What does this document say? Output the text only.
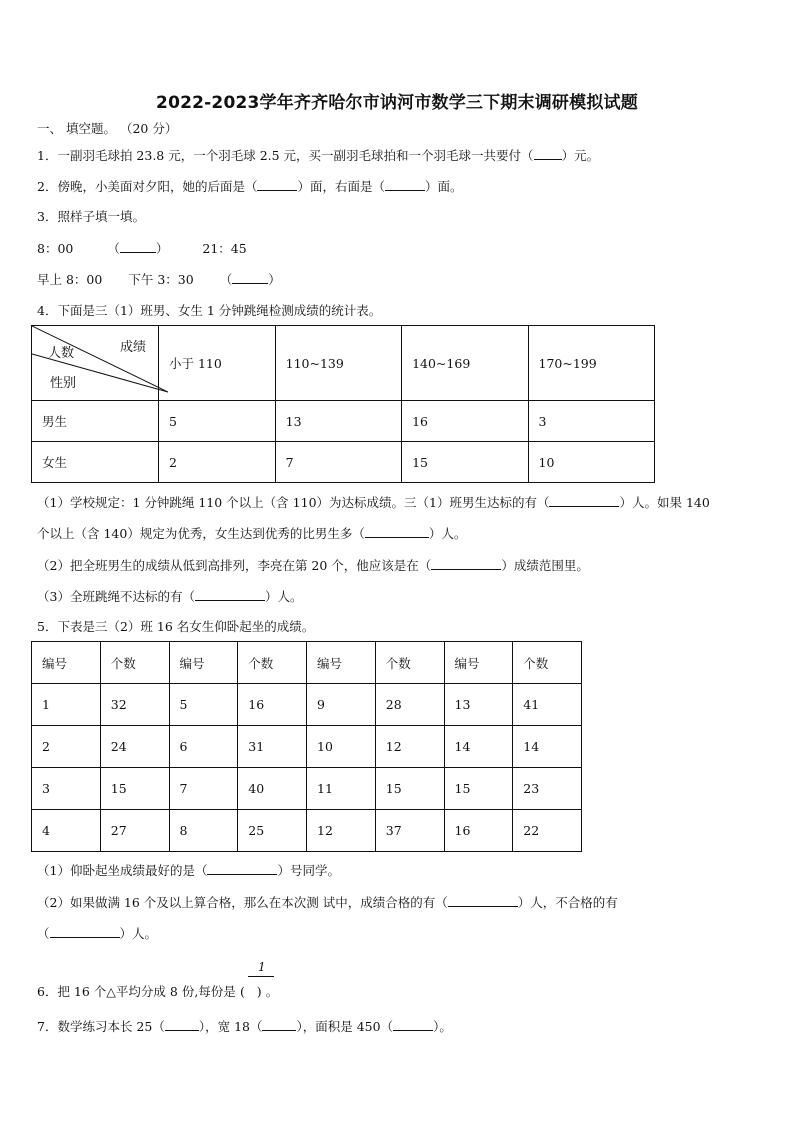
2022-2023学年齐齐哈尔市讷河市数学三下期末调研模拟试题
一、 填空题。 （20 分）
1．一副羽毛球拍 23.8 元，一个羽毛球 2.5 元，买一副羽毛球拍和一个羽毛球一共要付（ ）元。
2．傍晚，小美面对夕阳，她的后面是（	）面，右面是（	）面。
3．照样子填一填。
8：00	（	）	21：45
早上 8：00 下午 3：30 （	）
4．下面是三（1）班男、女生 1 分钟跳绳检测成绩的统计表。
成绩
人数
性别	小于 110	110~139	140~169	170~199
男生	5	13	16	3
女生	2	7	15	10
（1）学校规定：1 分钟跳绳 110 个以上（含 110）为达标成绩。三（1）班男生达标的有（	）人。如果 140
个以上（含 140）规定为优秀，女生达到优秀的比男生多（	）人。
（2）把全班男生的成绩从低到高排列，李亮在第 20 个，他应该是在（	）成绩范围里。
（3）全班跳绳不达标的有（	）人。
5．下表是三（2）班 16 名女生仰卧起坐的成绩。
编号	个数	编号	个数	编号	个数	编号	个数
1	32	5	16	9	28	13	41
2	24	6	31	10	12	14	14
3	15	7	40	11	15	15	23
4	27	8	25	12	37	16	22
（1）仰卧起坐成绩最好的是（	）号同学。
（2）如果做满 16 个及以上算合格，那么在本次测 试中，成绩合格的有（	）人，不合格的有
（	）人。
1
6．把 16 个△平均分成 8 份,每份是 (   ) 。
7．数学练习本长 25（	），宽 18（	），面积是 450（	）。
